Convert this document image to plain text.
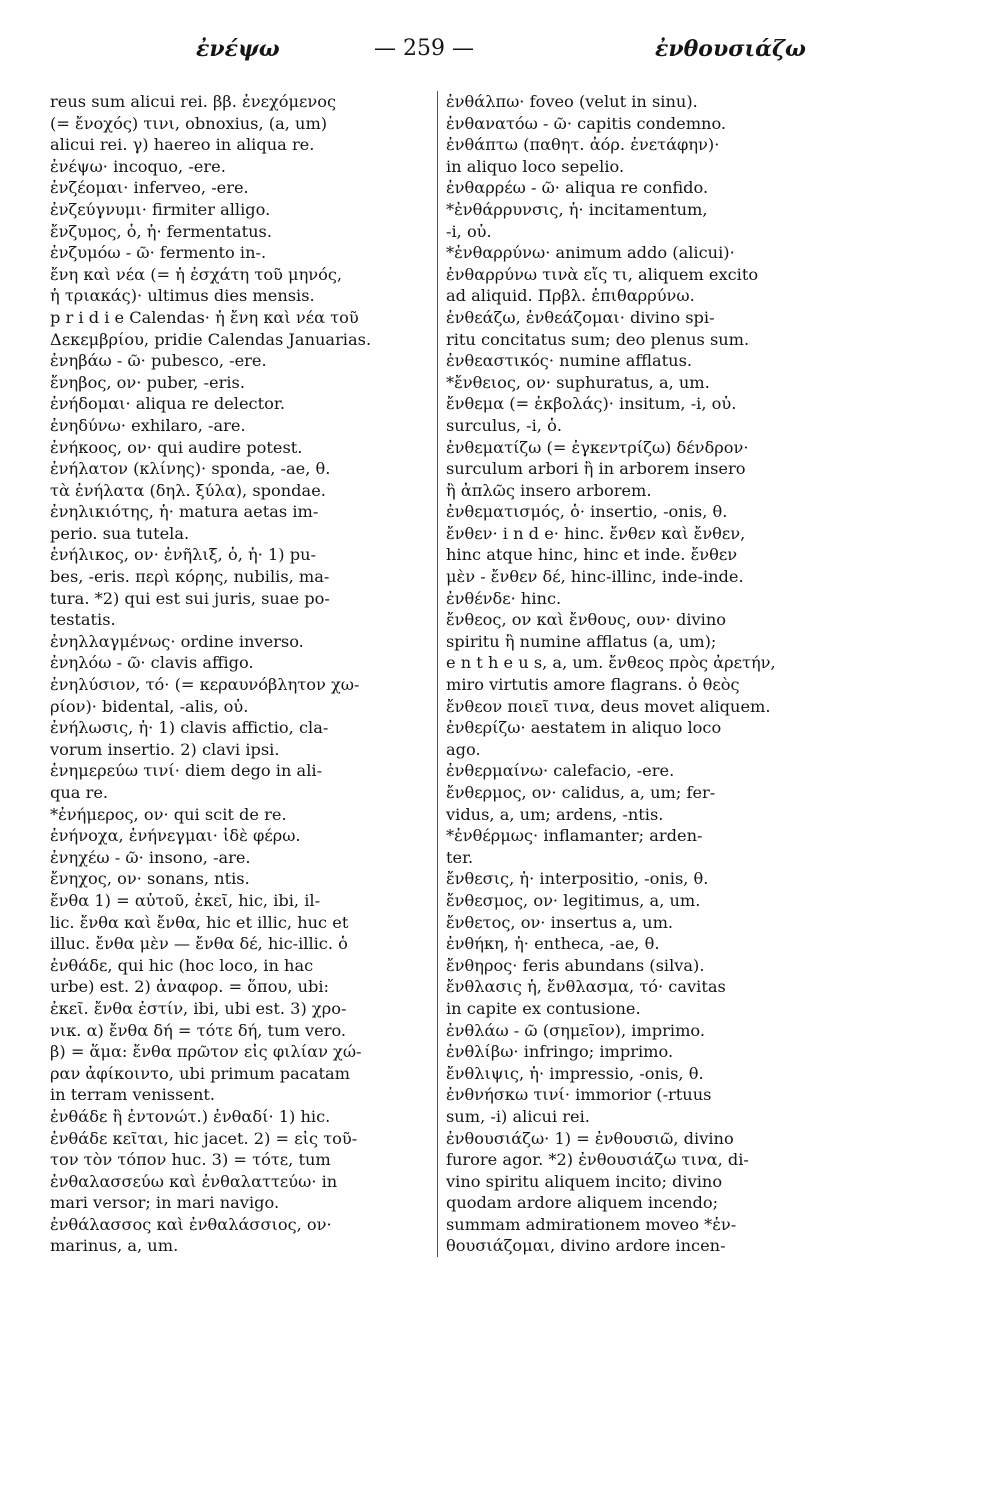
ἐνέψω	— 259 —	ἐνθουσιάζω
reus sum alicui rei. ββ. ἐνεχόμενος
(= ἔνοχός) τινι, obnoxius, (a, um)
alicui rei. γ) haereo in aliqua re.
ἐνέψω· incoquo, -ere.
ἐνζέομαι· inferveo, -ere.
ἐνζεύγνυμι· firmiter alligo.
ἔνζυμος, ὁ, ἡ· fermentatus.
ἐνζυμόω - ῶ· fermento in-.
ἔνη καὶ νέα (= ἡ ἐσχάτη τοῦ μηνός,
ἡ τριακάς)· ultimus dies mensis.
p r i d i e Calendas· ἡ ἔνη καὶ νέα τοῦ
Δεκεμβρίου, pridie Calendas Januarias.
ἐνηβάω - ῶ· pubesco, -ere.
ἔνηβος, ον· puber, -eris.
ἐνήδομαι· aliqua re delector.
ἐνηδύνω· exhilaro, -are.
ἐνήκοος, ον· qui audire potest.
ἐνήλατον (κλίνης)· sponda, -ae, θ.
τὰ ἐνήλατα (δηλ. ξύλα), spondae.
ἐνηλικιότης, ἡ· matura aetas im-
perio. sua tutela.
ἐνήλικος, ον· ἐνῆλιξ, ὁ, ἡ· 1) pu-
bes, -eris. περὶ κόρης, nubilis, ma-
tura. *2) qui est sui juris, suae po-
testatis.
ἐνηλλαγμένως· ordine inverso.
ἐνηλόω - ῶ· clavis affigo.
ἐνηλύσιον, τό· (= κεραυνόβλητον χω-
ρίον)· bidental, -alis, οὐ.
ἐνήλωσις, ἡ· 1) clavis affictio, cla-
vorum insertio. 2) clavi ipsi.
ἐνημερεύω τινί· diem dego in ali-
qua re.
*ἐνήμερος, ον· qui scit de re.
ἐνήνοχα, ἐνήνεγμαι· ἰδὲ φέρω.
ἐνηχέω - ῶ· insono, -are.
ἔνηχος, ον· sonans, ntis.
ἔνθα 1) = αὐτοῦ, ἐκεῖ, hic, ibi, il-
lic. ἔνθα καὶ ἔνθα, hic et illic, huc et
illuc. ἔνθα μὲν — ἔνθα δέ, hic-illic. ὁ
ἐνθάδε, qui hic (hoc loco, in hac
urbe) est. 2) ἀναφορ. = ὅπου, ubi:
ἐκεῖ. ἔνθα ἐστίν, ibi, ubi est. 3) χρο-
νικ. α) ἔνθα δή = τότε δή, tum vero.
β) = ἅμα: ἔνθα πρῶτον εἰς φιλίαν χώ-
ραν ἀφίκοιντο, ubi primum pacatam
in terram venissent.
ἐνθάδε ἢ ἐντονώτ.) ἐνθαδί· 1) hic.
ἐνθάδε κεῖται, hic jacet. 2) = εἰς τοῦ-
τον τὸν τόπον huc. 3) = τότε, tum
ἐνθαλασσεύω καὶ ἐνθαλαττεύω· in
mari versor; in mari navigo.
ἐνθάλασσος καὶ ἐνθαλάσσιος, ον·
marinus, a, um.
ἐνθάλπω· foveo (velut in sinu).
ἐνθανατόω - ῶ· capitis condemno.
ἐνθάπτω (παθητ. ἀόρ. ἐνετάφην)·
in aliquo loco sepelio.
ἐνθαρρέω - ῶ· aliqua re confido.
*ἐνθάρρυνσις, ἡ· incitamentum,
-i, οὐ.
*ἐνθαρρύνω· animum addo (alicui)·
ἐνθαρρύνω τινὰ εἴς τι, aliquem excito
ad aliquid. Πρβλ. ἐπιθαρρύνω.
ἐνθεάζω, ἐνθεάζομαι· divino spi-
ritu concitatus sum; deo plenus sum.
ἐνθεαστικός· numine afflatus.
*ἔνθειος, ον· suphuratus, a, um.
ἔνθεμα (= ἐκβολάς)· insitum, -i, οὐ.
surculus, -i, ὁ.
ἐνθεματίζω (= ἐγκεντρίζω) δένδρον·
surculum arbori ἢ in arborem insero
ἢ ἁπλῶς insero arborem.
ἐνθεματισμός, ὁ· insertio, -onis, θ.
ἔνθεν· i n d e· hinc. ἔνθεν καὶ ἔνθεν,
hinc atque hinc, hinc et inde. ἔνθεν
μὲν - ἔνθεν δέ, hinc-illinc, inde-inde.
ἐνθένδε· hinc.
ἔνθεος, ον καὶ ἔνθους, ουν· divino
spiritu ἢ numine afflatus (a, um);
e n t h e u s, a, um. ἔνθεος πρὸς ἀρετήν,
miro virtutis amore flagrans. ὁ θεὸς
ἔνθεον ποιεῖ τινα, deus movet aliquem.
ἐνθερίζω· aestatem in aliquo loco
ago.
ἐνθερμαίνω· calefacio, -ere.
ἔνθερμος, ον· calidus, a, um; fer-
vidus, a, um; ardens, -ntis.
*ἐνθέρμως· inflamanter; arden-
ter.
ἔνθεσις, ἡ· interpositio, -onis, θ.
ἔνθεσμος, ον· legitimus, a, um.
ἔνθετος, ον· insertus a, um.
ἐνθήκη, ἡ· entheca, -ae, θ.
ἔνθηρος· feris abundans (silva).
ἔνθλασις ἡ, ἔνθλασμα, τό· cavitas
in capite ex contusione.
ἐνθλάω - ῶ (σημεῖον), imprimo.
ἐνθλίβω· infringo; imprimo.
ἔνθλιψις, ἡ· impressio, -onis, θ.
ἐνθνήσκω τινί· immorior (-rtuus
sum, -i) alicui rei.
ἐνθουσιάζω· 1) = ἐνθουσιῶ, divino
furore agor. *2) ἐνθουσιάζω τινα, di-
vino spiritu aliquem incito; divino
quodam ardore aliquem incendo;
summam admirationem moveo *ἐν-
θουσιάζομαι, divino ardore incen-
